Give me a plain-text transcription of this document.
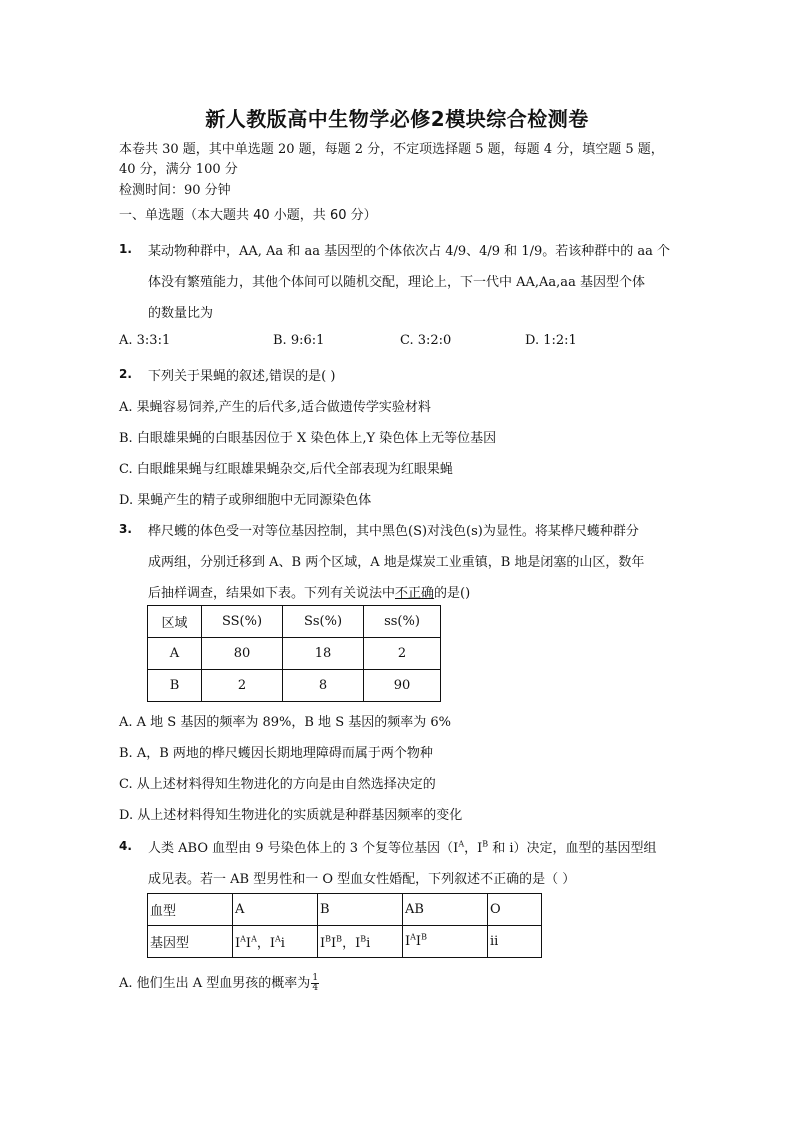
新人教版高中生物学必修2模块综合检测卷
本卷共 30 题，其中单选题 20 题，每题 2 分，不定项选择题 5 题，每题 4 分，填空题 5 题，
40 分，满分 100 分
检测时间：90 分钟
一、单选题（本大题共 40 小题，共 60 分）
1. 某动物种群中，AA, Aa 和 aa 基因型的个体依次占 4/9、4/9 和 1/9。若该种群中的 aa 个
体没有繁殖能力，其他个体间可以随机交配，理论上，下一代中 AA,Aa,aa 基因型个体
的数量比为
A. 3:3:1	B. 9:6:1	C. 3:2:0	D. 1:2:1
2. 下列关于果蝇的叙述,错误的是( )
A. 果蝇容易饲养,产生的后代多,适合做遗传学实验材料
B. 白眼雄果蝇的白眼基因位于 X 染色体上,Y 染色体上无等位基因
C. 白眼雌果蝇与红眼雄果蝇杂交,后代全部表现为红眼果蝇
D. 果蝇产生的精子或卵细胞中无同源染色体
3. 桦尺蠖的体色受一对等位基因控制，其中黑色(S)对浅色(s)为显性。将某桦尺蠖种群分
成两组，分别迁移到 A、B 两个区域，A 地是煤炭工业重镇，B 地是闭塞的山区，数年
后抽样调查，结果如下表。下列有关说法中不正确的是()
区域	SS(%)	Ss(%)	ss(%)
A	80	18	2
B	2	8	90
A. A 地 S 基因的频率为 89%，B 地 S 基因的频率为 6%
B. A，B 两地的桦尺蠖因长期地理障碍而属于两个物种
C. 从上述材料得知生物进化的方向是由自然选择决定的
D. 从上述材料得知生物进化的实质就是种群基因频率的变化
4. 人类 ABO 血型由 9 号染色体上的 3 个复等位基因（$I^A$，$I^B$ 和 i）决定，血型的基因型组
成见表。若一 AB 型男性和一 O 型血女性婚配，下列叙述不正确的是（ ）
血型	A	B	AB	O
基因型	$I^AI^A$，$I^Ai$	$I^BI^B$，$I^Bi$	$I^AI^B$	ii
A. 他们生出 A 型血男孩的概率为 $\frac{1}{4}$
